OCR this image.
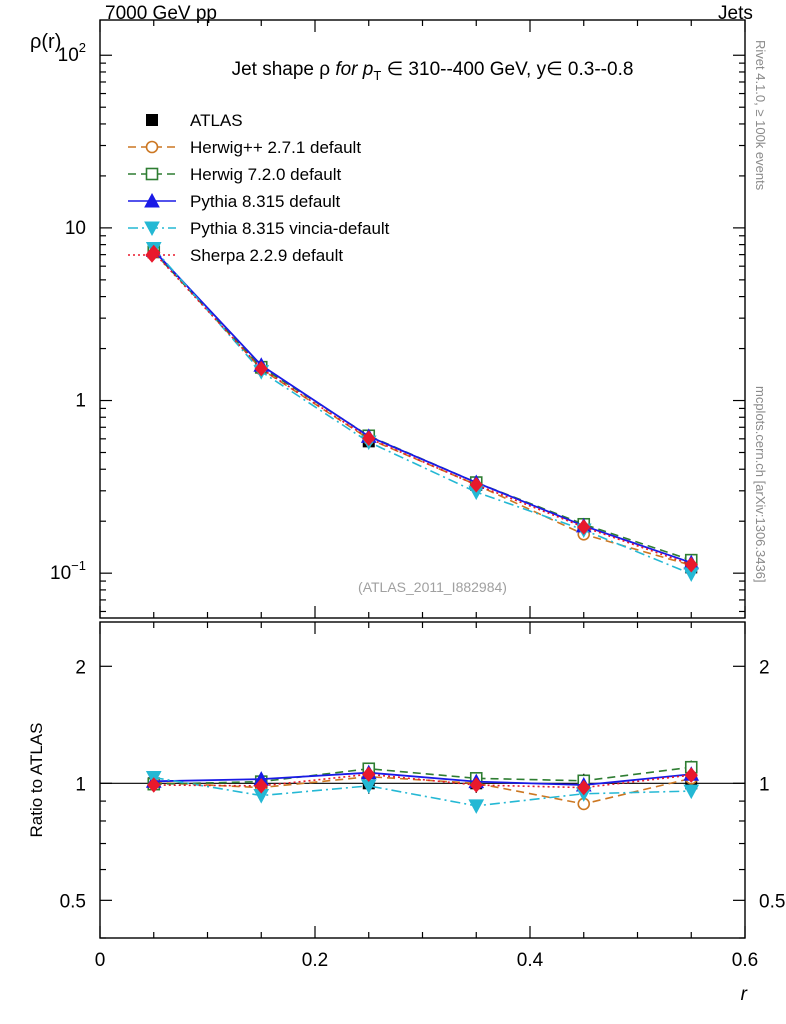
7000 GeV pp	Jets
Rivet 4.1.0, ≥ 100k events
mcplots.cern.ch [arXiv:1306.3436]
$10^{-1}$
1
10
$10^2$
0.5	0.5
1	1
2	2
0	0.2	0.4	0.6
r
ρ(r)
Ratio to ATLAS
Jet shape ρ for $p_T$ ∈ 310--400 GeV, y∈ 0.3--0.8
(ATLAS_2011_I882984)
ATLAS
Herwig++ 2.7.1 default
Herwig 7.2.0 default
Pythia 8.315 default
Pythia 8.315 vincia-default
Sherpa 2.2.9 default
